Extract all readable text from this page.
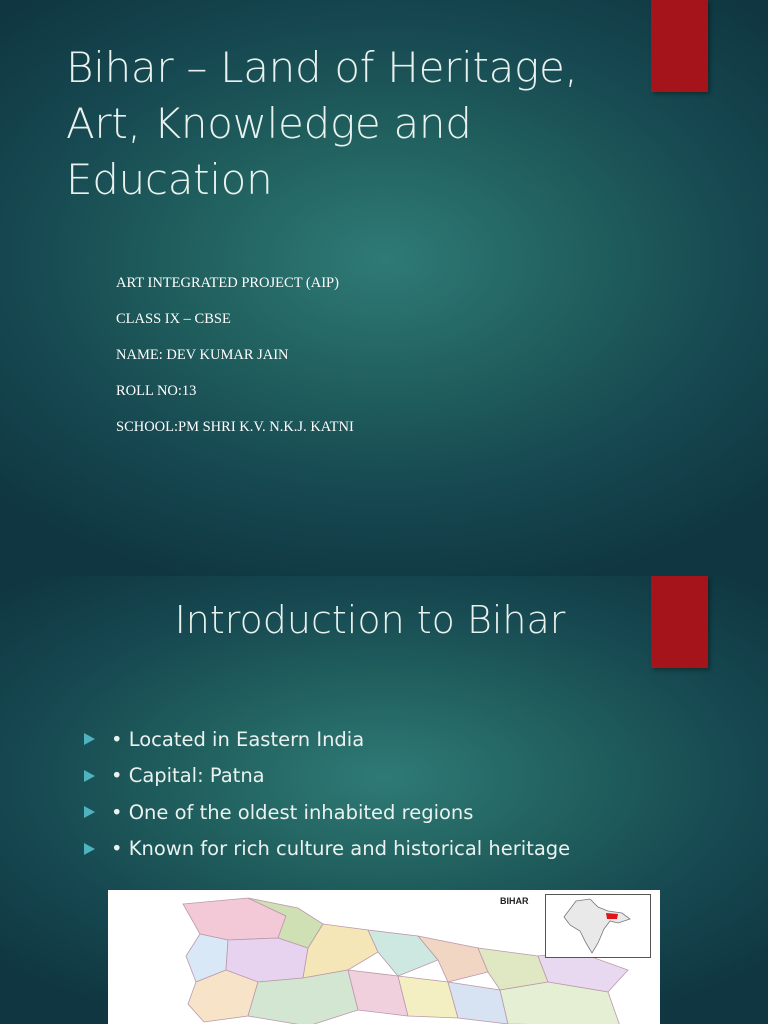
Bihar – Land of Heritage, Art, Knowledge and Education
ART INTEGRATED PROJECT (AIP)
CLASS IX – CBSE
NAME: DEV KUMAR JAIN
ROLL NO:13
SCHOOL:PM SHRI K.V. N.K.J. KATNI
Introduction to Bihar
• Located in Eastern India
• Capital: Patna
• One of the oldest inhabited regions
• Known for rich culture and historical heritage
BIHAR
